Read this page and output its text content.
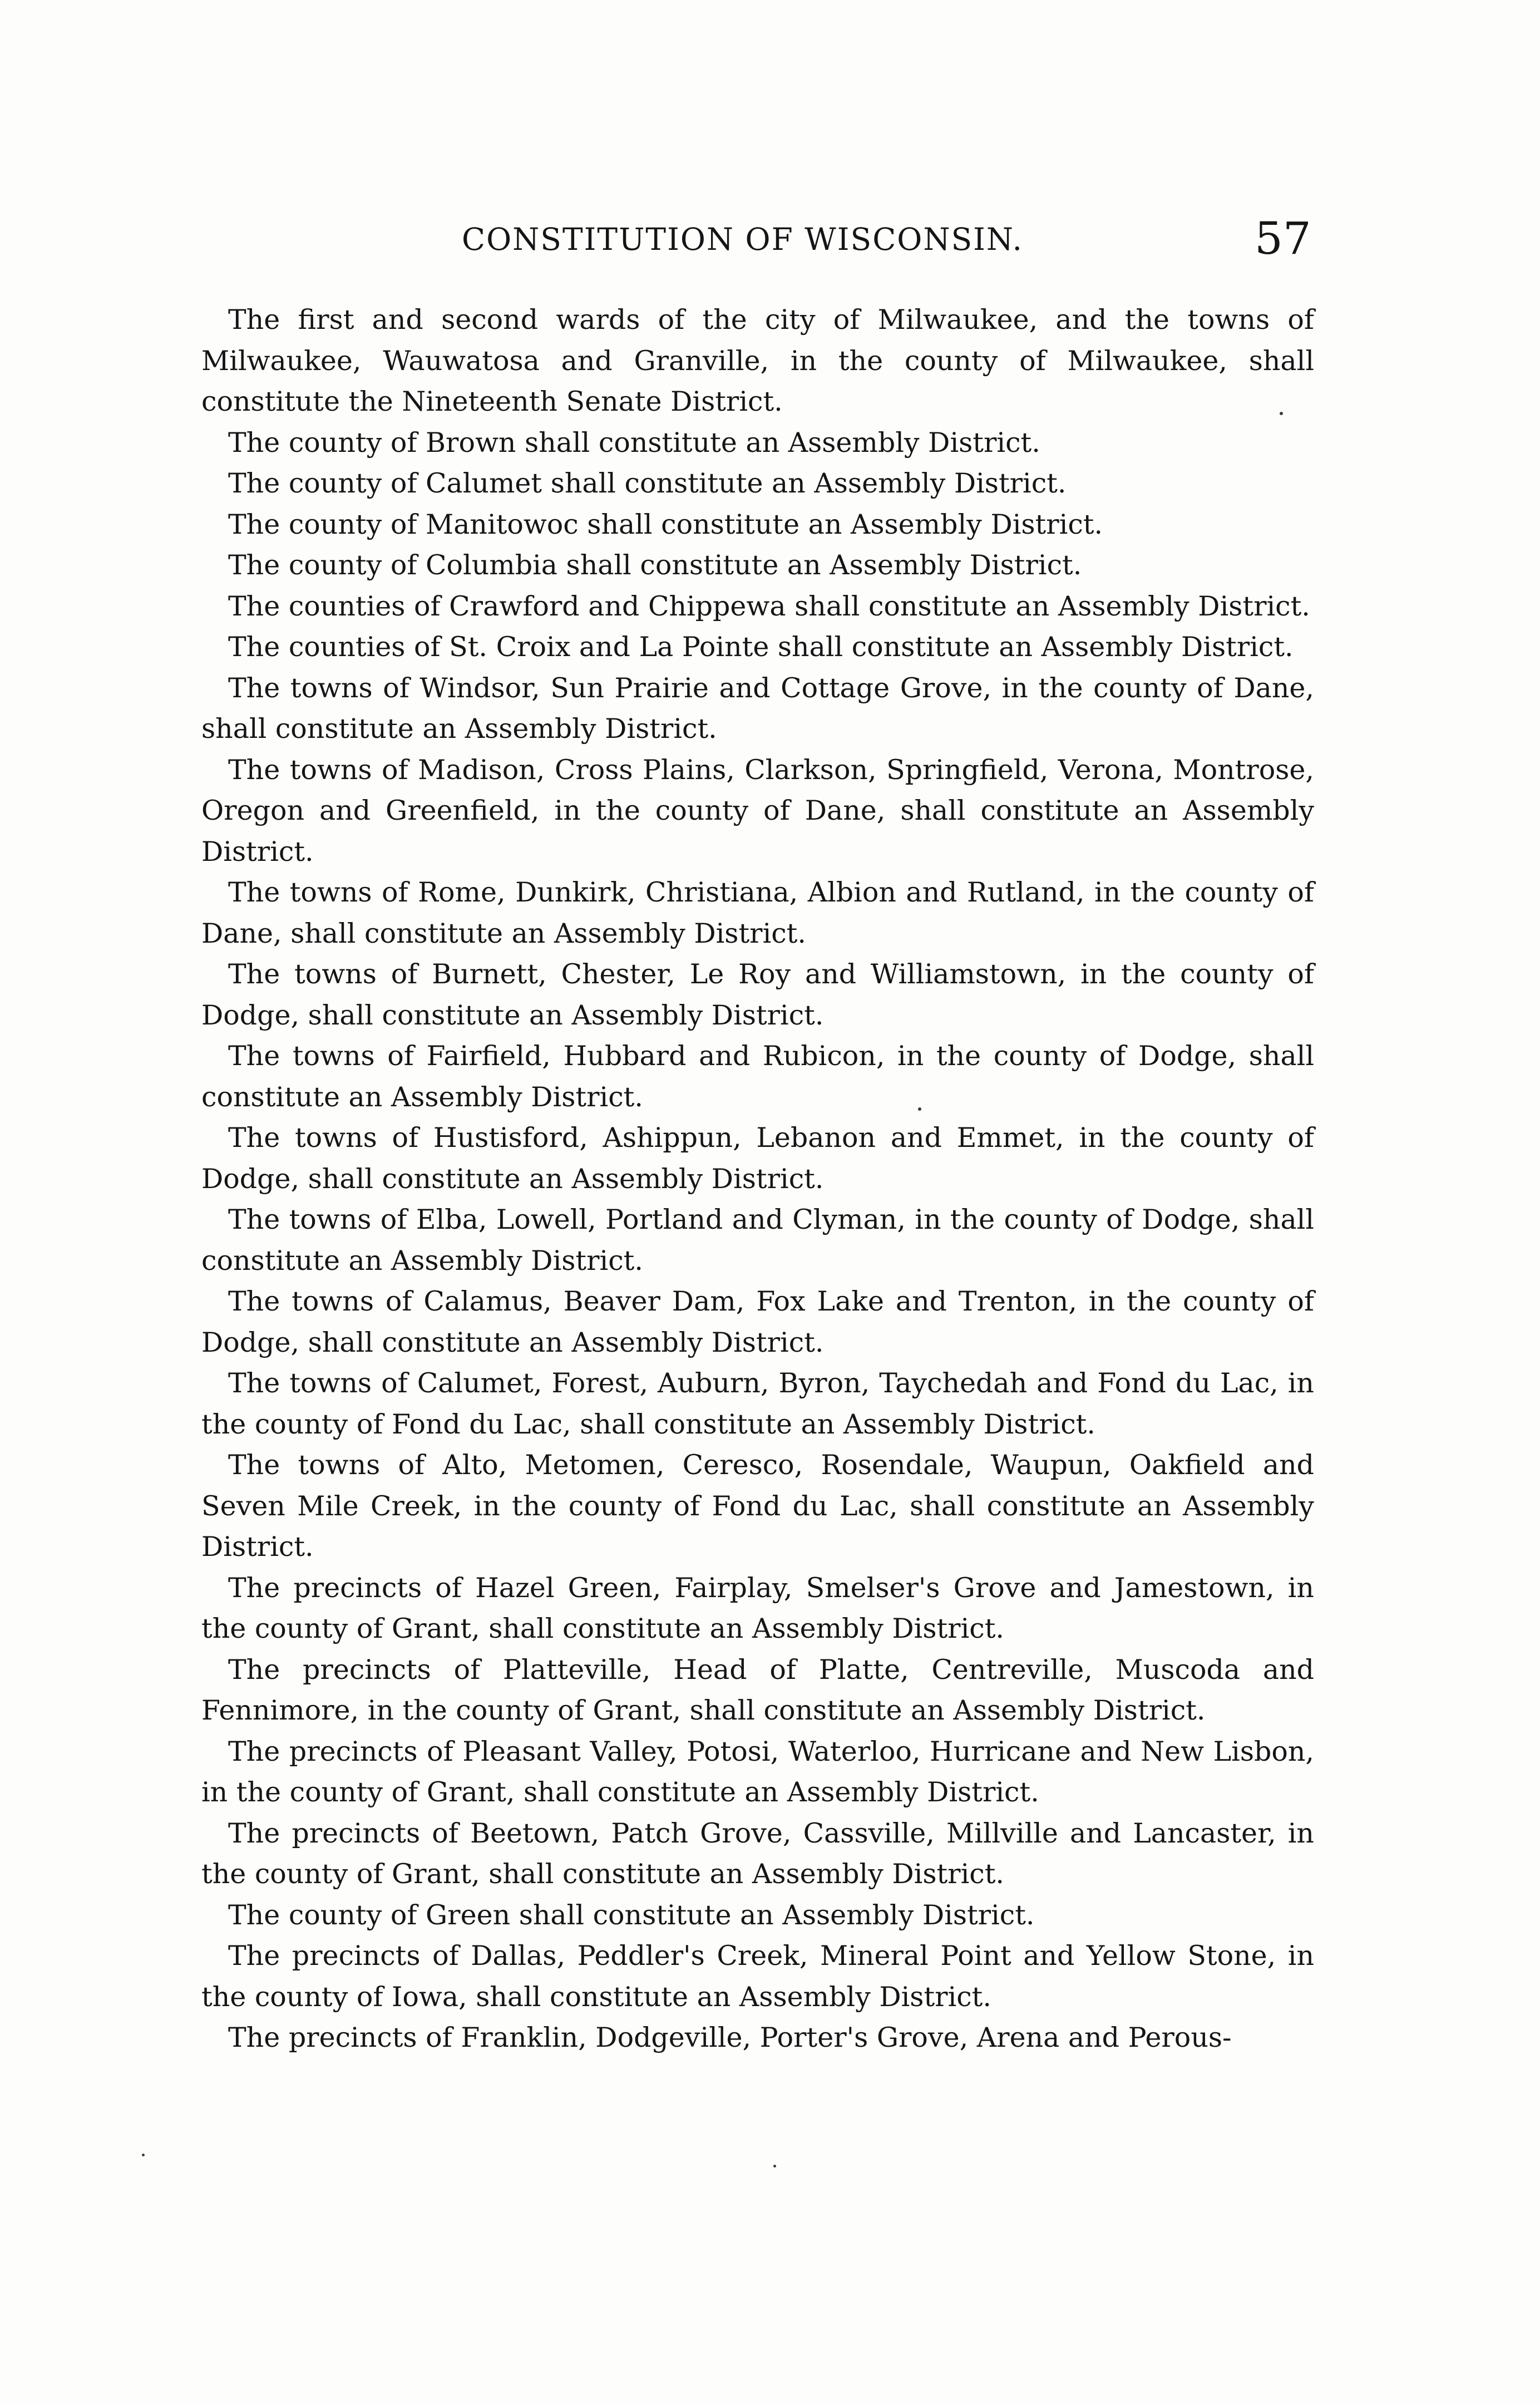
CONSTITUTION OF WISCONSIN.	57

The first and second wards of the city of Milwaukee, and the towns of Milwaukee, Wauwatosa and Granville, in the county of Milwaukee, shall constitute the Nineteenth Senate District.

The county of Brown shall constitute an Assembly District.

The county of Calumet shall constitute an Assembly District.

The county of Manitowoc shall constitute an Assembly District.

The county of Columbia shall constitute an Assembly District.

The counties of Crawford and Chippewa shall constitute an Assembly District.

The counties of St. Croix and La Pointe shall constitute an Assembly District.

The towns of Windsor, Sun Prairie and Cottage Grove, in the county of Dane, shall constitute an Assembly District.

The towns of Madison, Cross Plains, Clarkson, Springfield, Verona, Montrose, Oregon and Greenfield, in the county of Dane, shall constitute an Assembly District.

The towns of Rome, Dunkirk, Christiana, Albion and Rutland, in the county of Dane, shall constitute an Assembly District.

The towns of Burnett, Chester, Le Roy and Williamstown, in the county of Dodge, shall constitute an Assembly District.

The towns of Fairfield, Hubbard and Rubicon, in the county of Dodge, shall constitute an Assembly District.

The towns of Hustisford, Ashippun, Lebanon and Emmet, in the county of Dodge, shall constitute an Assembly District.

The towns of Elba, Lowell, Portland and Clyman, in the county of Dodge, shall constitute an Assembly District.

The towns of Calamus, Beaver Dam, Fox Lake and Trenton, in the county of Dodge, shall constitute an Assembly District.

The towns of Calumet, Forest, Auburn, Byron, Taychedah and Fond du Lac, in the county of Fond du Lac, shall constitute an Assembly District.

The towns of Alto, Metomen, Ceresco, Rosendale, Waupun, Oakfield and Seven Mile Creek, in the county of Fond du Lac, shall constitute an Assembly District.

The precincts of Hazel Green, Fairplay, Smelser's Grove and Jamestown, in the county of Grant, shall constitute an Assembly District.

The precincts of Platteville, Head of Platte, Centreville, Muscoda and Fennimore, in the county of Grant, shall constitute an Assembly District.

The precincts of Pleasant Valley, Potosi, Waterloo, Hurricane and New Lisbon, in the county of Grant, shall constitute an Assembly District.

The precincts of Beetown, Patch Grove, Cassville, Millville and Lancaster, in the county of Grant, shall constitute an Assembly District.

The county of Green shall constitute an Assembly District.

The precincts of Dallas, Peddler's Creek, Mineral Point and Yellow Stone, in the county of Iowa, shall constitute an Assembly District.

The precincts of Franklin, Dodgeville, Porter's Grove, Arena and Perous-
